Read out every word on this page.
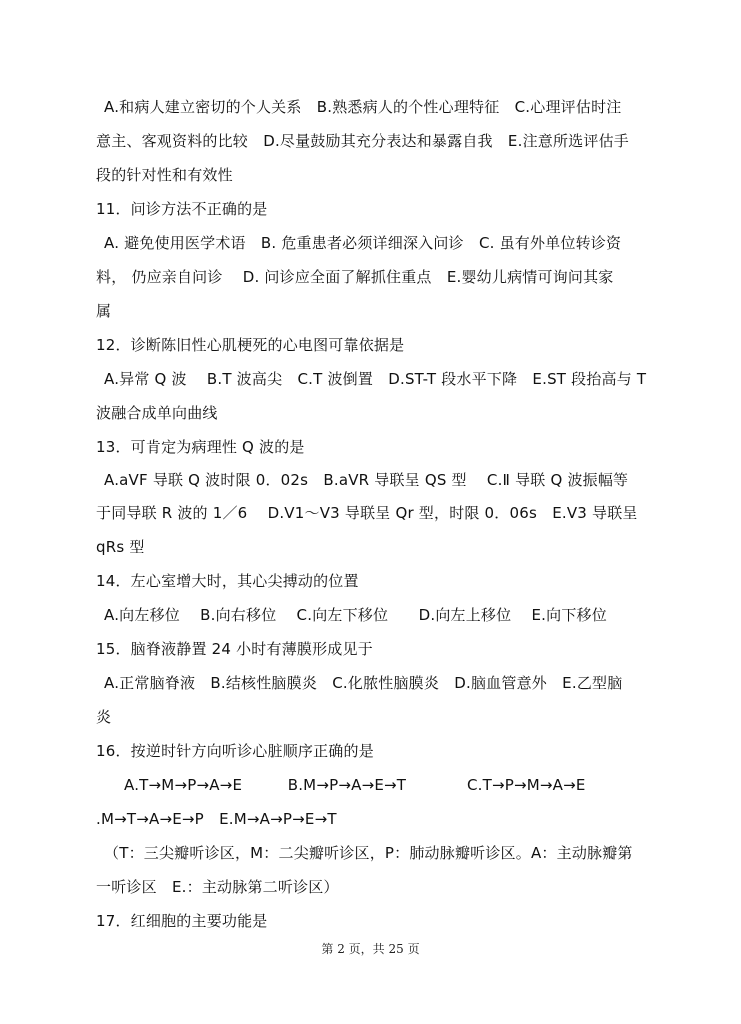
A.和病人建立密切的个人关系　B.熟悉病人的个性心理特征　C.心理评估时注
意主、客观资料的比较　D.尽量鼓励其充分表达和暴露自我　E.注意所选评估手
段的针对性和有效性
11．问诊方法不正确的是
A. 避免使用医学术语　B. 危重患者必须详细深入问诊　C. 虽有外单位转诊资
料， 仍应亲自问诊　 D. 问诊应全面了解抓住重点　E.婴幼儿病情可询问其家
属
12．诊断陈旧性心肌梗死的心电图可靠依据是
A.异常 Q 波　 B.T 波高尖　C.T 波倒置　D.ST-T 段水平下降　E.ST 段抬高与 T
波融合成单向曲线
13．可肯定为病理性 Q 波的是
A.aVF 导联 Q 波时限 0．02s　B.aVR 导联呈 QS 型　 C.Ⅱ 导联 Q 波振幅等
于同导联 R 波的 1／6　 D.V1～V3 导联呈 Qr 型，时限 0．06s　E.V3 导联呈
qRs 型
14．左心室增大时，其心尖搏动的位置
A.向左移位　 B.向右移位　 C.向左下移位　　D.向左上移位　 E.向下移位
15．脑脊液静置 24 小时有薄膜形成见于
A.正常脑脊液　B.结核性脑膜炎　C.化脓性脑膜炎　D.脑血管意外　E.乙型脑
炎
16．按逆时针方向听诊心脏顺序正确的是
A.T→M→P→A→E　　　B.M→P→A→E→T　　　　C.T→P→M→A→E
.M→T→A→E→P　E.M→A→P→E→T
（T：三尖瓣听诊区，M：二尖瓣听诊区，P：肺动脉瓣听诊区。A：主动脉瓣第
一听诊区　E.：主动脉第二听诊区）
17．红细胞的主要功能是
第 2 页，共 25 页
